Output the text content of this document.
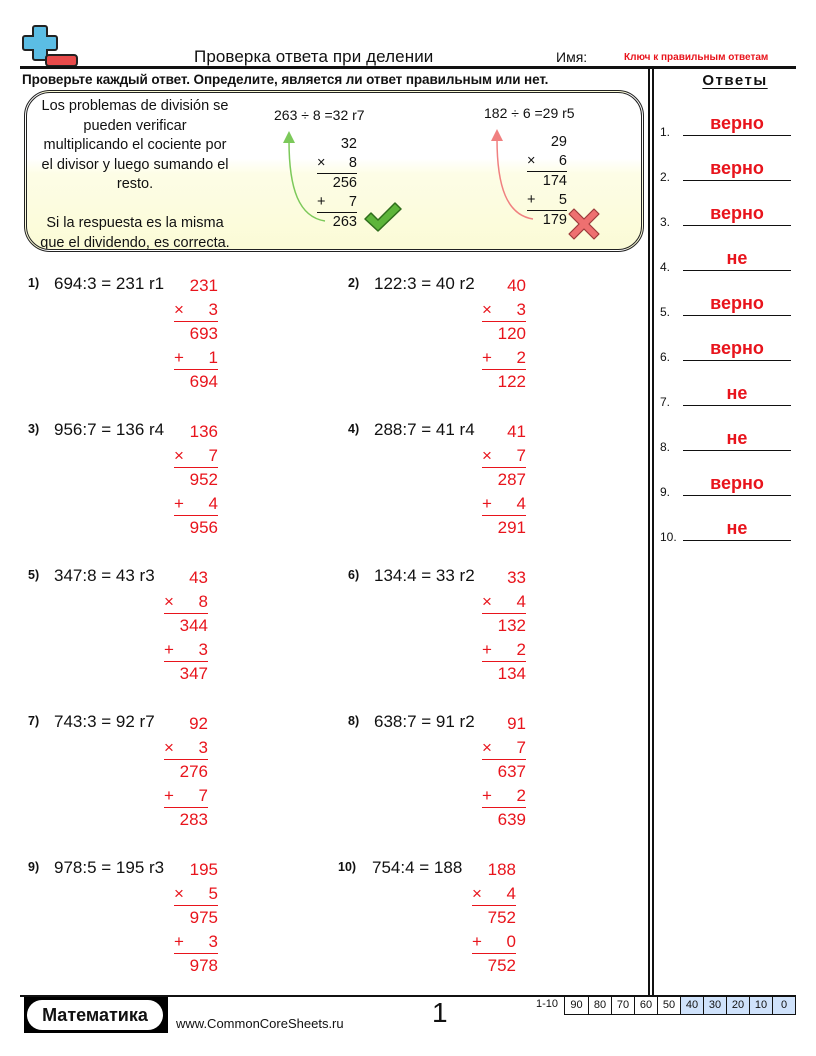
Проверка ответа при делении	Имя:	Ключ к правильным ответам
Проверьте каждый ответ. Определите, является ли ответ правильным или нет.
Los problemas de división se
pueden verificar
multiplicando el cociente por
el divisor y luego sumando el
resto.
Si la respuesta es la misma
que el dividendo, es correcta.
263 ÷ 8 =32 r7
32
× 8
256
+ 7
263
182 ÷ 6 =29 r5
29
× 6
174
+ 5
179
1) 694:3 = 231 r1 231
× 3
693
+ 1
694
2) 122:3 = 40 r2 40
× 3
120
+ 2
122
3) 956:7 = 136 r4 136
× 7
952
+ 4
956
4) 288:7 = 41 r4 41
× 7
287
+ 4
291
5) 347:8 = 43 r3 43
× 8
344
+ 3
347
6) 134:4 = 33 r2 33
× 4
132
+ 2
134
7) 743:3 = 92 r7 92
× 3
276
+ 7
283
8) 638:7 = 91 r2 91
× 7
637
+ 2
639
9) 978:5 = 195 r3 195
× 5
975
+ 3
978
10) 754:4 = 188 188
× 4
752
+ 0
752
Ответы
1.	верно
2.	верно
3.	верно
4.	не
5.	верно
6.	верно
7.	не
8.	не
9.	верно
10.	не
Математика	www.CommonCoreSheets.ru	1	1-10	90	80 70 60 50 40 30 20 10	0
